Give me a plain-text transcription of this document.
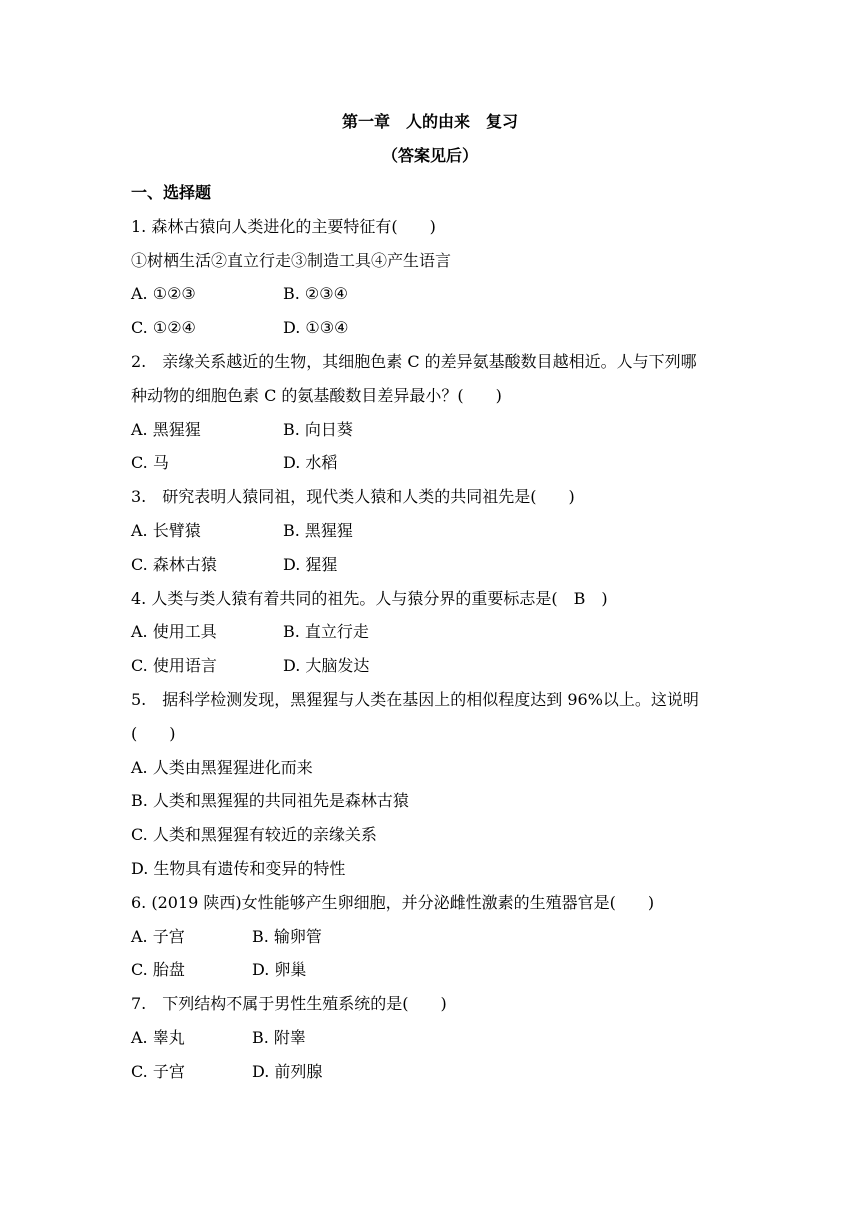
第一章　人的由来　复习
（答案见后）
一、选择题
1. 森林古猿向人类进化的主要特征有(　　)
①树栖生活②直立行走③制造工具④产生语言
A. ①②③	B. ②③④
C. ①②④	D. ①③④
2.　亲缘关系越近的生物，其细胞色素 C 的差异氨基酸数目越相近。人与下列哪
种动物的细胞色素 C 的氨基酸数目差异最小？(　　)
A. 黑猩猩	B. 向日葵
C. 马	D. 水稻
3.　研究表明人猿同祖，现代类人猿和人类的共同祖先是(　　)
A. 长臂猿	B. 黑猩猩
C. 森林古猿	D. 猩猩
4. 人类与类人猿有着共同的祖先。人与猿分界的重要标志是(　B　)
A. 使用工具	B. 直立行走
C. 使用语言	D. 大脑发达
5.　据科学检测发现，黑猩猩与人类在基因上的相似程度达到 96%以上。这说明
(　　)
A. 人类由黑猩猩进化而来
B. 人类和黑猩猩的共同祖先是森林古猿
C. 人类和黑猩猩有较近的亲缘关系
D. 生物具有遗传和变异的特性
6. (2019 陕西)女性能够产生卵细胞，并分泌雌性激素的生殖器官是(　　)
A. 子宫	B. 输卵管
C. 胎盘	D. 卵巢
7.　下列结构不属于男性生殖系统的是(　　)
A. 睾丸	B. 附睾
C. 子宫	D. 前列腺
